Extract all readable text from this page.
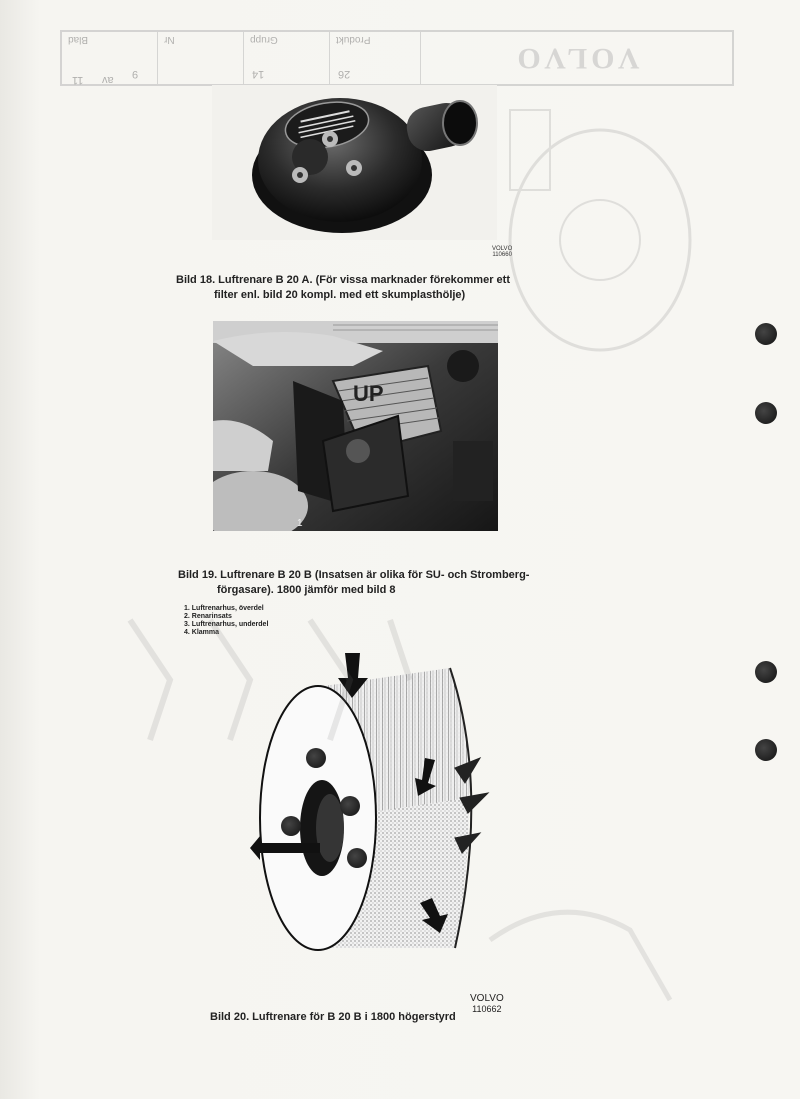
Blad
9
av
11
Nr	Grupp
14
Produkt
26	VOLVO
VOLVO
110660
Bild 18. Luftrenare B 20 A. (För vissa marknader förekommer ett
filter enl. bild 20 kompl. med ett skumplasthölje)
UP
1
Bild 19. Luftrenare B 20 B (Insatsen är olika för SU- och Stromberg-
förgasare). 1800 jämför med bild 8
1. Luftrenarhus, överdel
2. Renarinsats
3. Luftrenarhus, underdel
4. Klamma
VOLVO
110662
Bild 20. Luftrenare för B 20 B i 1800 högerstyrd
